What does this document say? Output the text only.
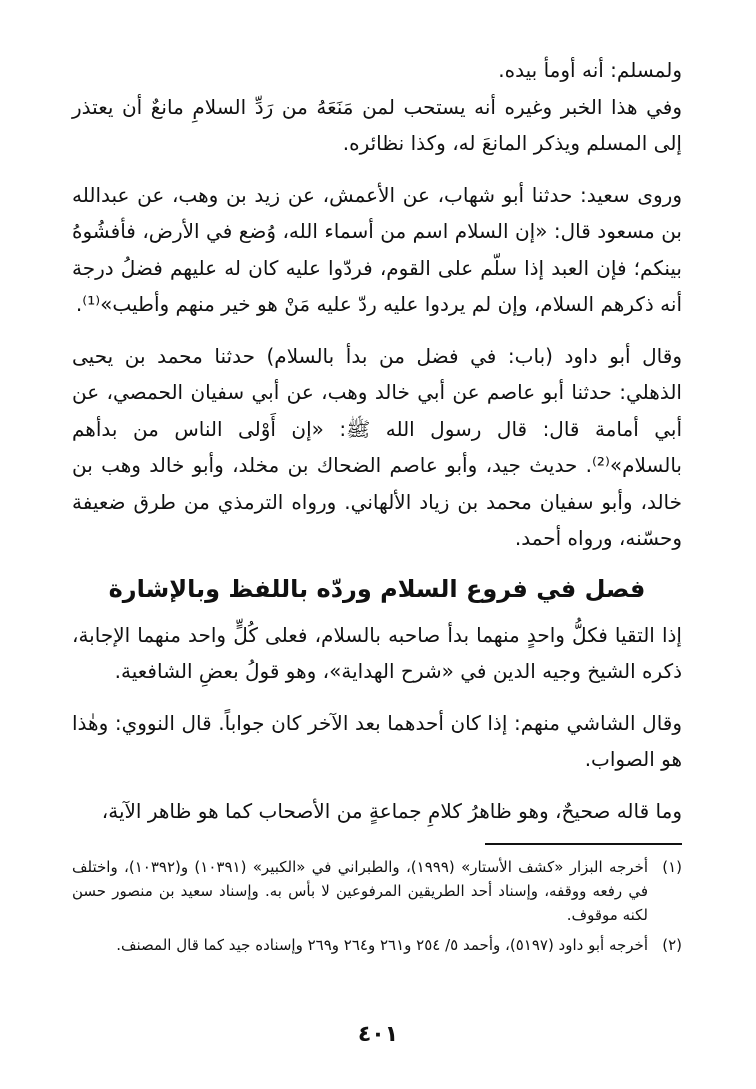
ولمسلم: أنه أومأ بيده.

وفي هذا الخبر وغيره أنه يستحب لمن مَنَعَهُ من رَدِّ السلامِ مانعٌ أن يعتذر إلى المسلم ويذكر المانعَ له، وكذا نظائره.

وروى سعيد: حدثنا أبو شهاب، عن الأعمش، عن زيد بن وهب، عن عبدالله بن مسعود قال: «إن السلام اسم من أسماء الله، وُضع في الأرض، فأفشُوهُ بينكم؛ فإن العبد إذا سلّم على القوم، فردّوا عليه كان له عليهم فضلُ درجة أنه ذكرهم السلام، وإن لم يردوا عليه ردّ عليه مَنْ هو خير منهم وأطيب»⁽¹⁾.

وقال أبو داود (باب: في فضل من بدأ بالسلام) حدثنا محمد بن يحيى الذهلي: حدثنا أبو عاصم عن أبي خالد وهب، عن أبي سفيان الحمصي، عن أبي أمامة قال: قال رسول الله ﷺ: «إن أَوْلى الناس من بدأهم بالسلام»⁽²⁾. حديث جيد، وأبو عاصم الضحاك بن مخلد، وأبو خالد وهب بن خالد، وأبو سفيان محمد بن زياد الألهاني. ورواه الترمذي من طرق ضعيفة وحسّنه، ورواه أحمد.

فصل في فروع السلام وردّه باللفظ وبالإشارة

إذا التقيا فكلُّ واحدٍ منهما بدأ صاحبه بالسلام، فعلى كُلٍّ واحد منهما الإجابة، ذكره الشيخ وجيه الدين في «شرح الهداية»، وهو قولُ بعضِ الشافعية.

وقال الشاشي منهم: إذا كان أحدهما بعد الآخر كان جواباً. قال النووي: وهٰذا هو الصواب.

وما قاله صحيحٌ، وهو ظاهرُ كلامِ جماعةٍ من الأصحاب كما هو ظاهر الآية،

(١)
أخرجه البزار «كشف الأستار» (١٩٩٩)، والطبراني في «الكبير» (١٠٣٩١) و(١٠٣٩٢)، واختلف في رفعه ووقفه، وإسناد أحد الطريقين المرفوعين لا بأس به. وإسناد سعيد بن منصور حسن لكنه موقوف.
(٢)
أخرجه أبو داود (٥١٩٧)، وأحمد ٥/ ٢٥٤ و٢٦١ و٢٦٤ و٢٦٩ وإسناده جيد كما قال المصنف.
٤٠١
